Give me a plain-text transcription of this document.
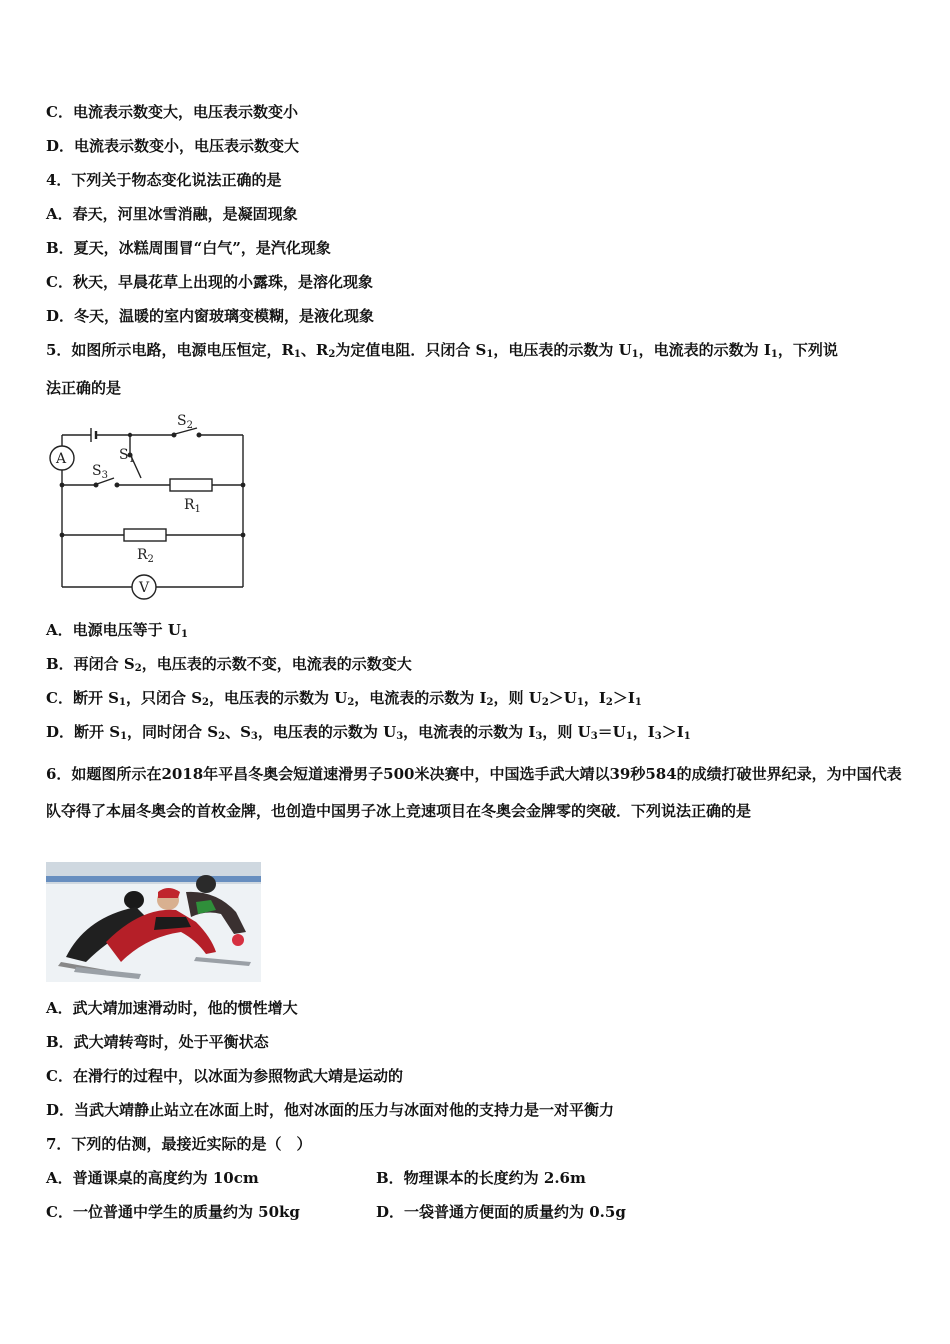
C．电流表示数变大，电压表示数变小
D．电流表示数变小，电压表示数变大
4．下列关于物态变化说法正确的是
A．春天，河里冰雪消融，是凝固现象
B．夏天，冰糕周围冒“白气”，是汽化现象
C．秋天，早晨花草上出现的小露珠，是溶化现象
D．冬天，温暖的室内窗玻璃变模糊，是液化现象
5．如图所示电路，电源电压恒定，$R_1$、$R_2$为定值电阻．只闭合 $S_1$，电压表的示数为 $U_1$，电流表的示数为 $I_1$，下列说
法正确的是
A
V
$S_2$
$S_1$
$S_3$
$R_1$
$R_2$
A．电源电压等于 $U_1$
B．再闭合 $S_2$，电压表的示数不变，电流表的示数变大
C．断开 $S_1$，只闭合 $S_2$，电压表的示数为 $U_2$，电流表的示数为 $I_2$，则 $U_2>U_1$，$I_2>I_1$
D．断开 $S_1$，同时闭合 $S_2$、$S_3$，电压表的示数为 $U_3$，电流表的示数为 $I_3$，则 $U_3=U_1$，$I_3>I_1$
6．如题图所示在2018年平昌冬奥会短道速滑男子500米决赛中，中国选手武大靖以39秒584的成绩打破世界纪录，为中国代表队夺得了本届冬奥会的首枚金牌，也创造中国男子冰上竞速项目在冬奥会金牌零的突破．下列说法正确的是
A．武大靖加速滑动时，他的惯性增大
B．武大靖转弯时，处于平衡状态
C．在滑行的过程中，以冰面为参照物武大靖是运动的
D．当武大靖静止站立在冰面上时，他对冰面的压力与冰面对他的支持力是一对平衡力
7．下列的估测，最接近实际的是（　）
A．普通课桌的高度约为 10cm	B．物理课本的长度约为 2.6m
C．一位普通中学生的质量约为 50kg	D．一袋普通方便面的质量约为 0.5g
